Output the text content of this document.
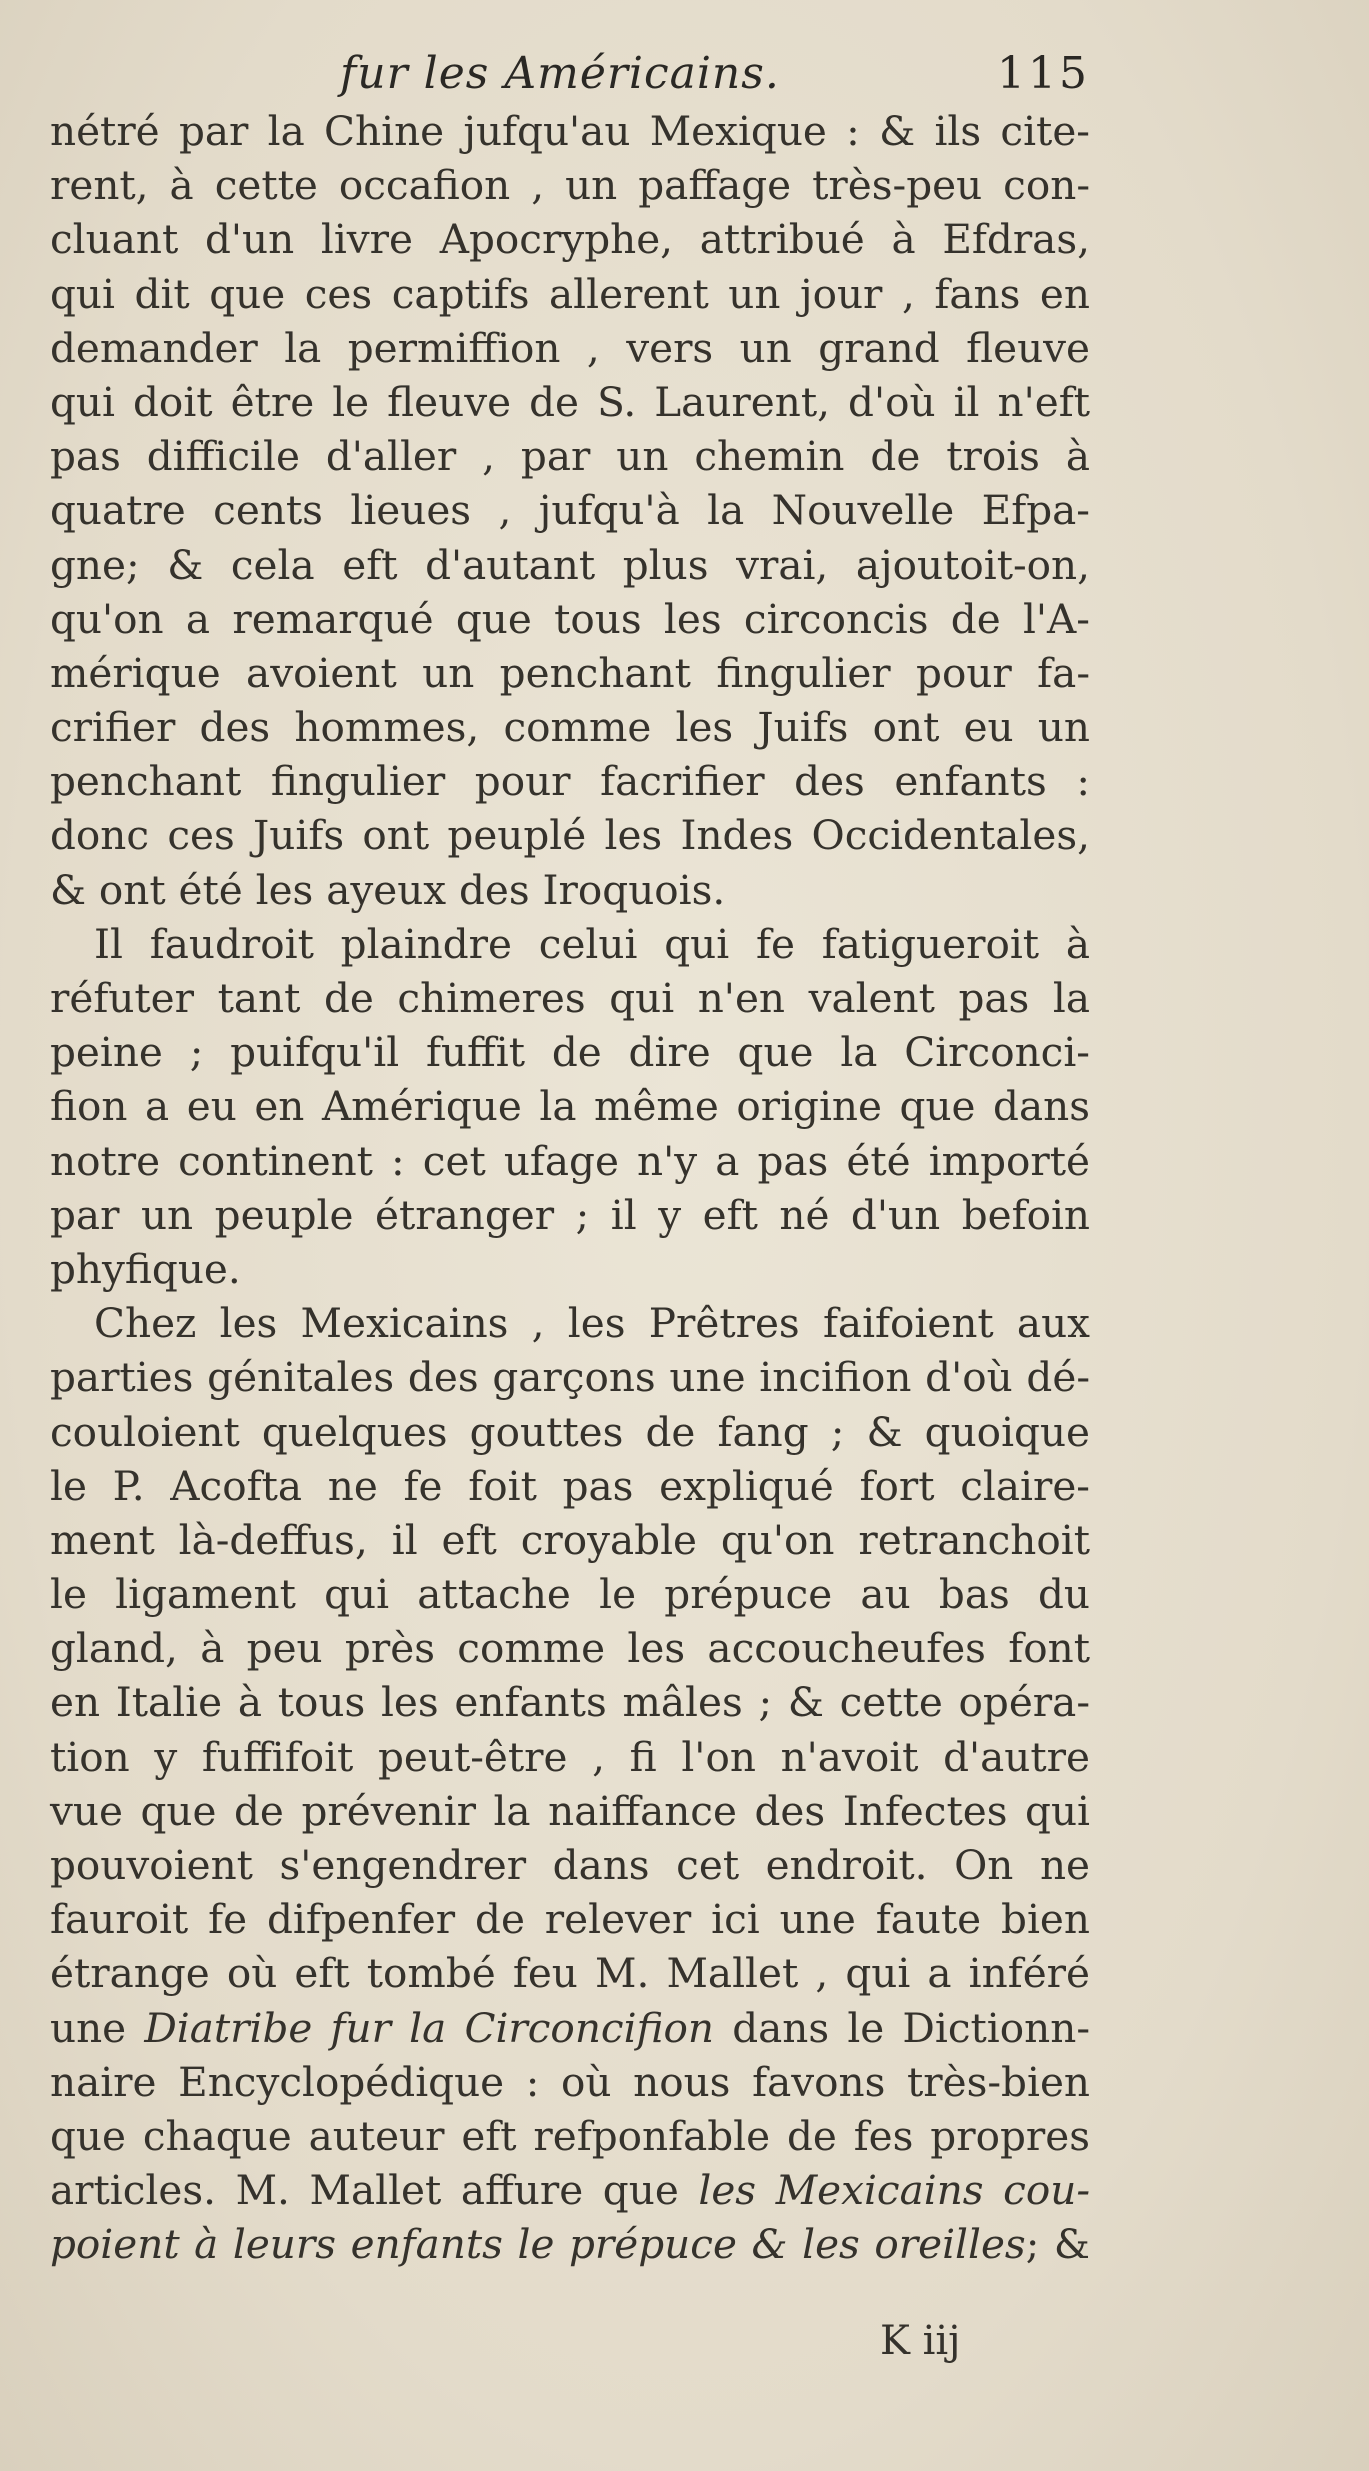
fur les Américains.	115
nétré par la Chine jufqu'au Mexique : & ils cite-
rent, à cette occafion , un paffage très-peu con-
cluant d'un livre Apocryphe, attribué à Efdras,
qui dit que ces captifs allerent un jour , fans en
demander la permiffion , vers un grand fleuve
qui doit être le fleuve de S. Laurent, d'où il n'eft
pas difficile d'aller , par un chemin de trois à
quatre cents lieues , jufqu'à la Nouvelle Efpa-
gne; & cela eft d'autant plus vrai, ajoutoit-on,
qu'on a remarqué que tous les circoncis de l'A-
mérique avoient un penchant fingulier pour fa-
crifier des hommes, comme les Juifs ont eu un
penchant fingulier pour facrifier des enfants :
donc ces Juifs ont peuplé les Indes Occidentales,
& ont été les ayeux des Iroquois.
Il faudroit plaindre celui qui fe fatigueroit à
réfuter tant de chimeres qui n'en valent pas la
peine ; puifqu'il fuffit de dire que la Circonci-
fion a eu en Amérique la même origine que dans
notre continent : cet ufage n'y a pas été importé
par un peuple étranger ; il y eft né d'un befoin
phyfique.
Chez les Mexicains , les Prêtres faifoient aux
parties génitales des garçons une incifion d'où dé-
couloient quelques gouttes de fang ; & quoique
le P. Acofta ne fe foit pas expliqué fort claire-
ment là-deffus, il eft croyable qu'on retranchoit
le ligament qui attache le prépuce au bas du
gland, à peu près comme les accoucheufes font
en Italie à tous les enfants mâles ; & cette opéra-
tion y fuffifoit peut-être , fi l'on n'avoit d'autre
vue que de prévenir la naiffance des Infectes qui
pouvoient s'engendrer dans cet endroit. On ne
fauroit fe difpenfer de relever ici une faute bien
étrange où eft tombé feu M. Mallet , qui a inféré
une Diatribe fur la Circoncifion dans le Dictionn-
naire Encyclopédique : où nous favons très-bien
que chaque auteur eft refponfable de fes propres
articles. M. Mallet affure que les Mexicains cou-
poient à leurs enfants le prépuce & les oreilles; &
K iij
